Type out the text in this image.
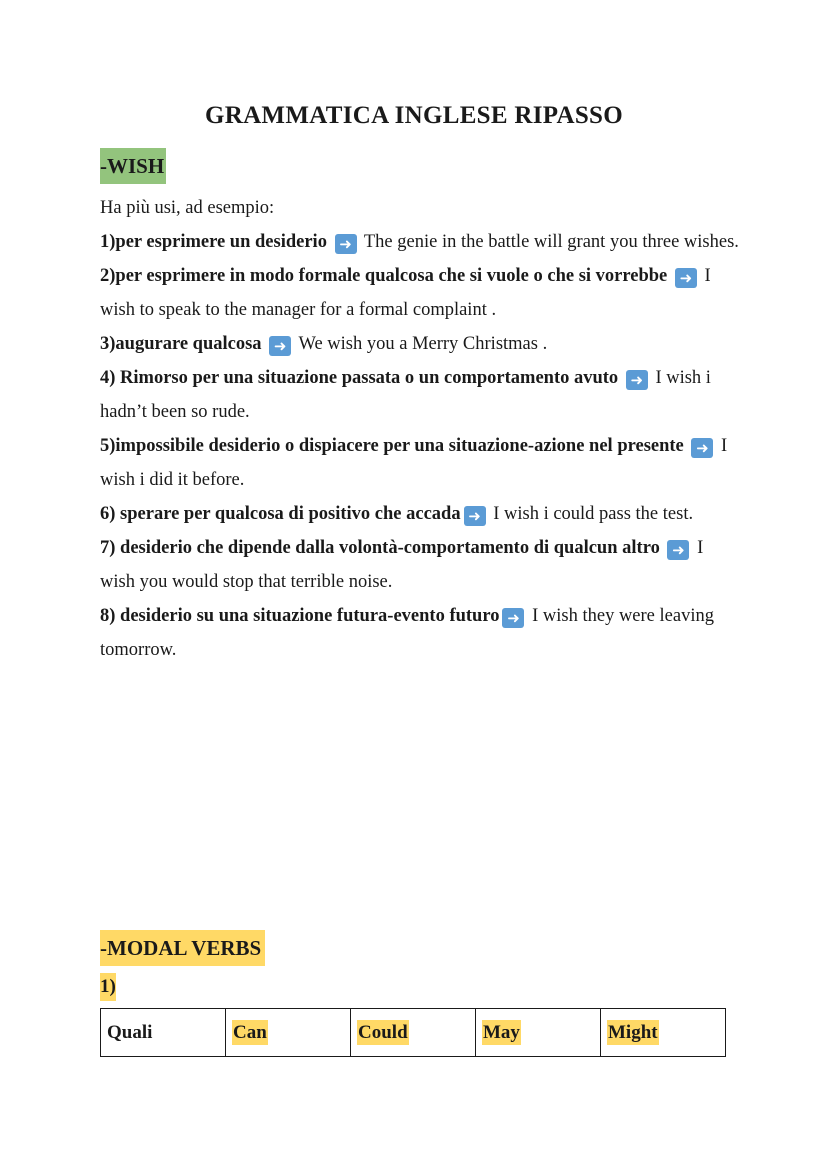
GRAMMATICA INGLESE RIPASSO
-WISH

Ha più usi, ad esempio:

1)per esprimere un desiderio ➜ The genie in the battle will grant you three wishes.

2)per esprimere in modo formale qualcosa che si vuole o che si vorrebbe ➜ I wish to speak to the manager for a formal complaint .

3)augurare qualcosa ➜ We wish you a Merry Christmas .

4) Rimorso per una situazione passata o un comportamento avuto ➜ I wish i hadn’t been so rude.

5)impossibile desiderio o dispiacere per una situazione-azione nel presente ➜ I wish i did it before.

6) sperare per qualcosa di positivo che accada ➜ I wish i could pass the test.

7) desiderio che dipende dalla volontà-comportamento di qualcun altro ➜ I wish you would stop that terrible noise.

8) desiderio su una situazione futura-evento futuro ➜ I wish they were leaving tomorrow.

-MODAL VERBS
1)
Quali	Can	Could	May	Might
